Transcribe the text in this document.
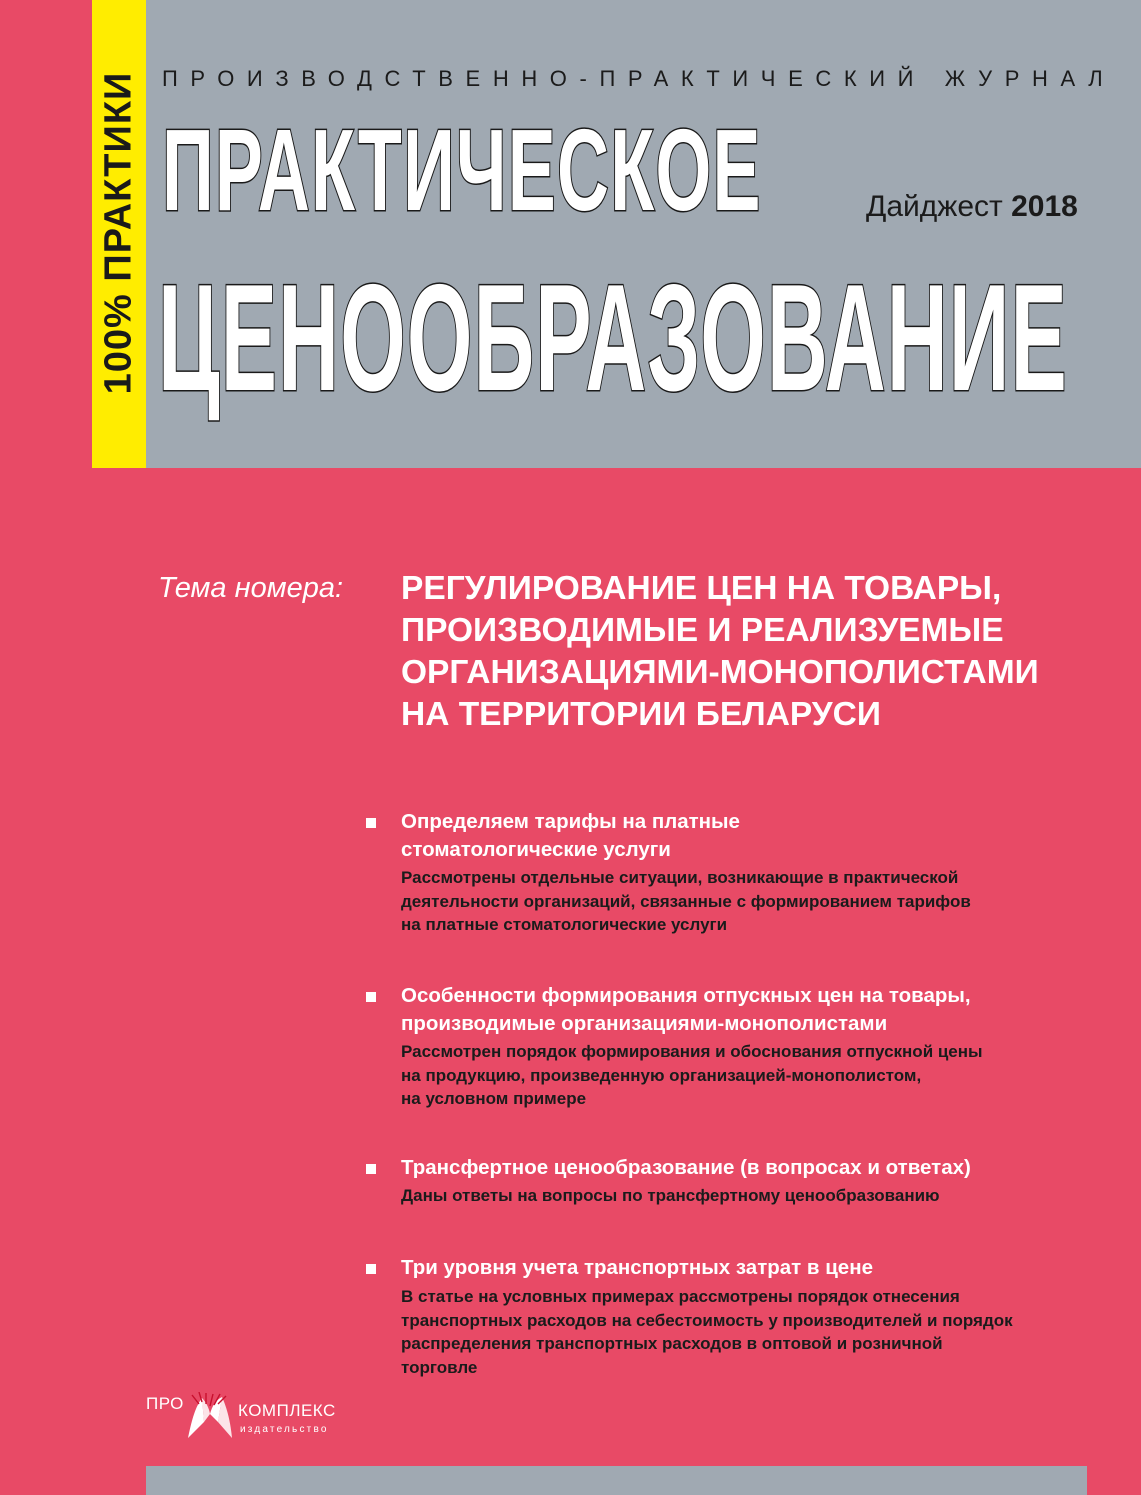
100% ПРАКТИКИ ПРОИЗВОДСТВЕННО-ПРАКТИЧЕСКИЙ ЖУРНАЛ
ПРАКТИЧЕСКОЕ
ЦЕНООБРАЗОВАНИЕ
Дайджест 2018
Тема номера: РЕГУЛИРОВАНИЕ ЦЕН НА ТОВАРЫ,
ПРОИЗВОДИМЫЕ И РЕАЛИЗУЕМЫЕ
ОРГАНИЗАЦИЯМИ-МОНОПОЛИСТАМИ
НА ТЕРРИТОРИИ БЕЛАРУСИ
Определяем тарифы на платные
стоматологические услуги
Рассмотрены отдельные ситуации, возникающие в практической
деятельности организаций, связанные с формированием тарифов
на платные стоматологические услуги
Особенности формирования отпускных цен на товары,
производимые организациями-монополистами
Рассмотрен порядок формирования и обоснования отпускной цены
на продукцию, произведенную организацией-монополистом,
на условном примере
Трансфертное ценообразование (в вопросах и ответах)
Даны ответы на вопросы по трансфертному ценообразованию
Три уровня учета транспортных затрат в цене
В статье на условных примерах рассмотрены порядок отнесения
транспортных расходов на себестоимость у производителей и порядок
распределения транспортных расходов в оптовой и розничной
торговле
ПРО	КОМПЛЕКС
издательство
